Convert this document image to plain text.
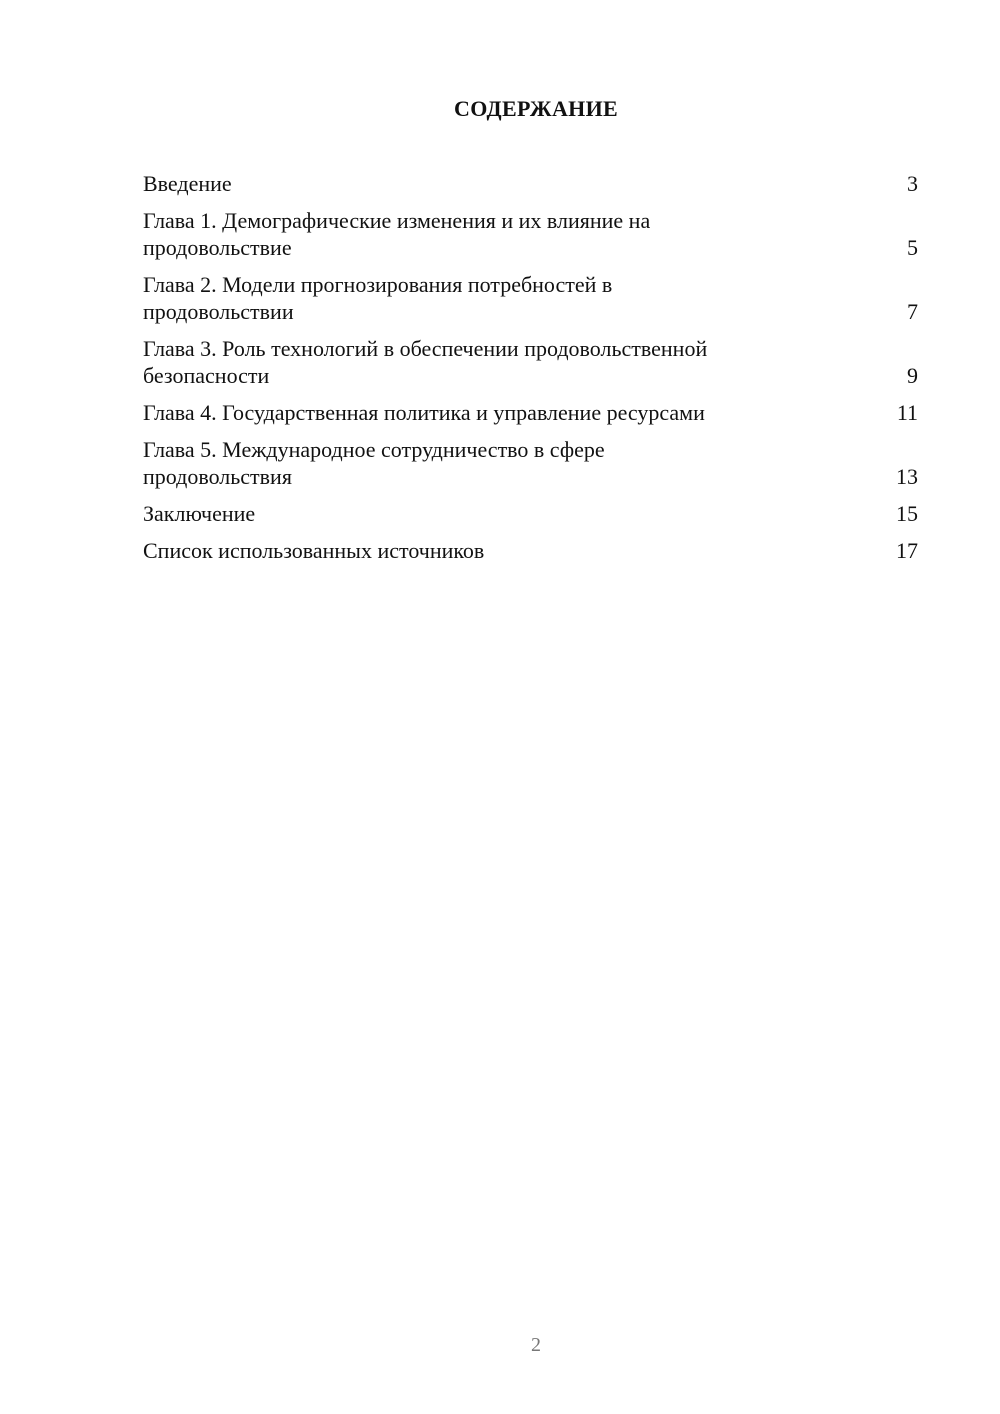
СОДЕРЖАНИЕ
Введение	3
Глава 1. Демографические изменения и их влияние на
продовольствие	5
Глава 2. Модели прогнозирования потребностей в
продовольствии	7
Глава 3. Роль технологий в обеспечении продовольственной
безопасности	9
Глава 4. Государственная политика и управление ресурсами	11
Глава 5. Международное сотрудничество в сфере
продовольствия	13
Заключение	15
Список использованных источников	17
2
